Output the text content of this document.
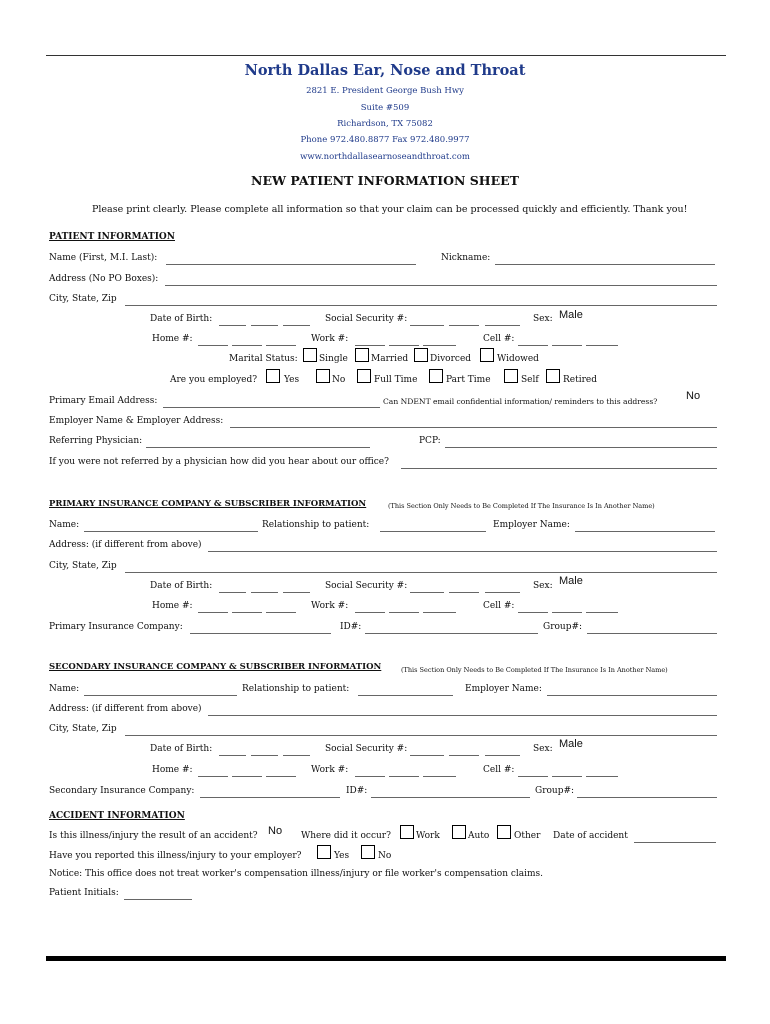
North Dallas Ear, Nose and Throat
2821 E. President George Bush Hwy
Suite #509
Richardson, TX 75082
Phone 972.480.8877 Fax 972.480.9977
www.northdallasearnoseandthroat.com
NEW PATIENT INFORMATION SHEET
Please print clearly. Please complete all information so that your claim can be processed quickly and efficiently. Thank you!
PATIENT INFORMATION
Name (First, M.I. Last):	Nickname:
Address (No PO Boxes):
City, State, Zip
Date of Birth:	Social Security #:	Sex: Male
Home #:	Work #:	Cell #:
Marital Status: Single	Married Divorced	Widowed
Are you employed?	Yes	No	Full Time	Part Time	Self	Retired
Primary Email Address:	Can NDENT email confidential information/ reminders to this address?	No
Employer Name & Employer Address:
Referring Physician:	PCP:
If you were not referred by a physician how did you hear about our office?
PRIMARY INSURANCE COMPANY & SUBSCRIBER INFORMATION	(This Section Only Needs to Be Completed If The Insurance Is In Another Name)
Name:	Relationship to patient:	Employer Name:
Address: (if different from above)
City, State, Zip
Date of Birth:	Social Security #:	Sex: Male
Home #:	Work #:	Cell #:
Primary Insurance Company:	ID#:	Group#:
SECONDARY INSURANCE COMPANY & SUBSCRIBER INFORMATION	(This Section Only Needs to Be Completed If The Insurance Is In Another Name)
Name:	Relationship to patient:	Employer Name:
Address: (if different from above)
City, State, Zip
Date of Birth:	Social Security #:	Sex: Male
Home #:	Work #:	Cell #:
Secondary Insurance Company:	ID#:	Group#:
ACCIDENT INFORMATION
Is this illness/injury the result of an accident? No Where did it occur?	Work	Auto	Other Date of accident
Have you reported this illness/injury to your employer?	Yes	No
Notice: This office does not treat worker's compensation illness/injury or file worker's compensation claims.
Patient Initials:
